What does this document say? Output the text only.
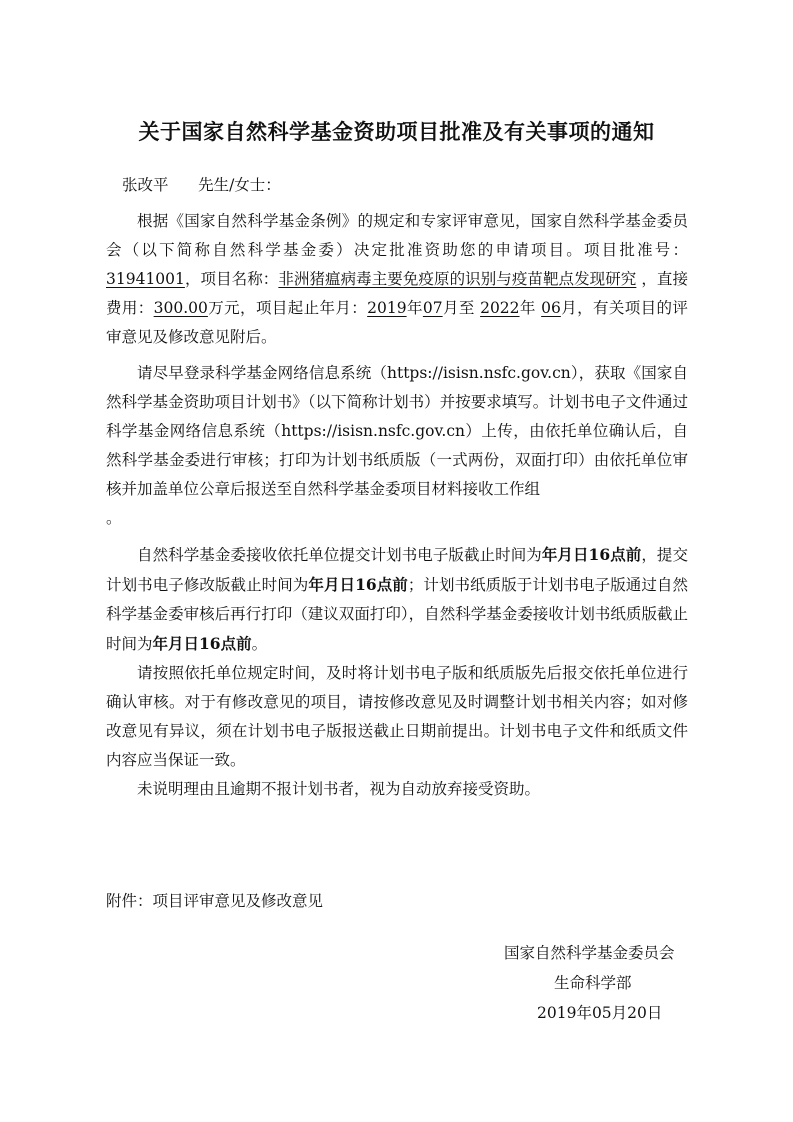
关于国家自然科学基金资助项目批准及有关事项的通知
张改平 先生/女士：

根据《国家自然科学基金条例》的规定和专家评审意见，国家自然科学基金委员会（以下简称自然科学基金委）决定批准资助您的申请项目。项目批准号： 31941001，项目名称：非洲猪瘟病毒主要免疫原的识别与疫苗靶点发现研究 ，直接费用：300.00万元，项目起止年月：2019年07月至 2022年 06月，有关项目的评审意见及修改意见附后。

请尽早登录科学基金网络信息系统（https://isisn.nsfc.gov.cn），获取《国家自然科学基金资助项目计划书》（以下简称计划书）并按要求填写。计划书电子文件通过科学基金网络信息系统（https://isisn.nsfc.gov.cn）上传，由依托单位确认后，自然科学基金委进行审核；打印为计划书纸质版（一式两份，双面打印）由依托单位审核并加盖单位公章后报送至自然科学基金委项目材料接收工作组

。

自然科学基金委接收依托单位提交计划书电子版截止时间为年月日16点前，提交计划书电子修改版截止时间为年月日16点前；计划书纸质版于计划书电子版通过自然科学基金委审核后再行打印（建议双面打印），自然科学基金委接收计划书纸质版截止时间为年月日16点前。

请按照依托单位规定时间，及时将计划书电子版和纸质版先后报交依托单位进行确认审核。对于有修改意见的项目，请按修改意见及时调整计划书相关内容；如对修改意见有异议，须在计划书电子版报送截止日期前提出。计划书电子文件和纸质文件内容应当保证一致。

未说明理由且逾期不报计划书者，视为自动放弃接受资助。

附件：项目评审意见及修改意见
国家自然科学基金委员会
生命科学部
2019年05月20日
